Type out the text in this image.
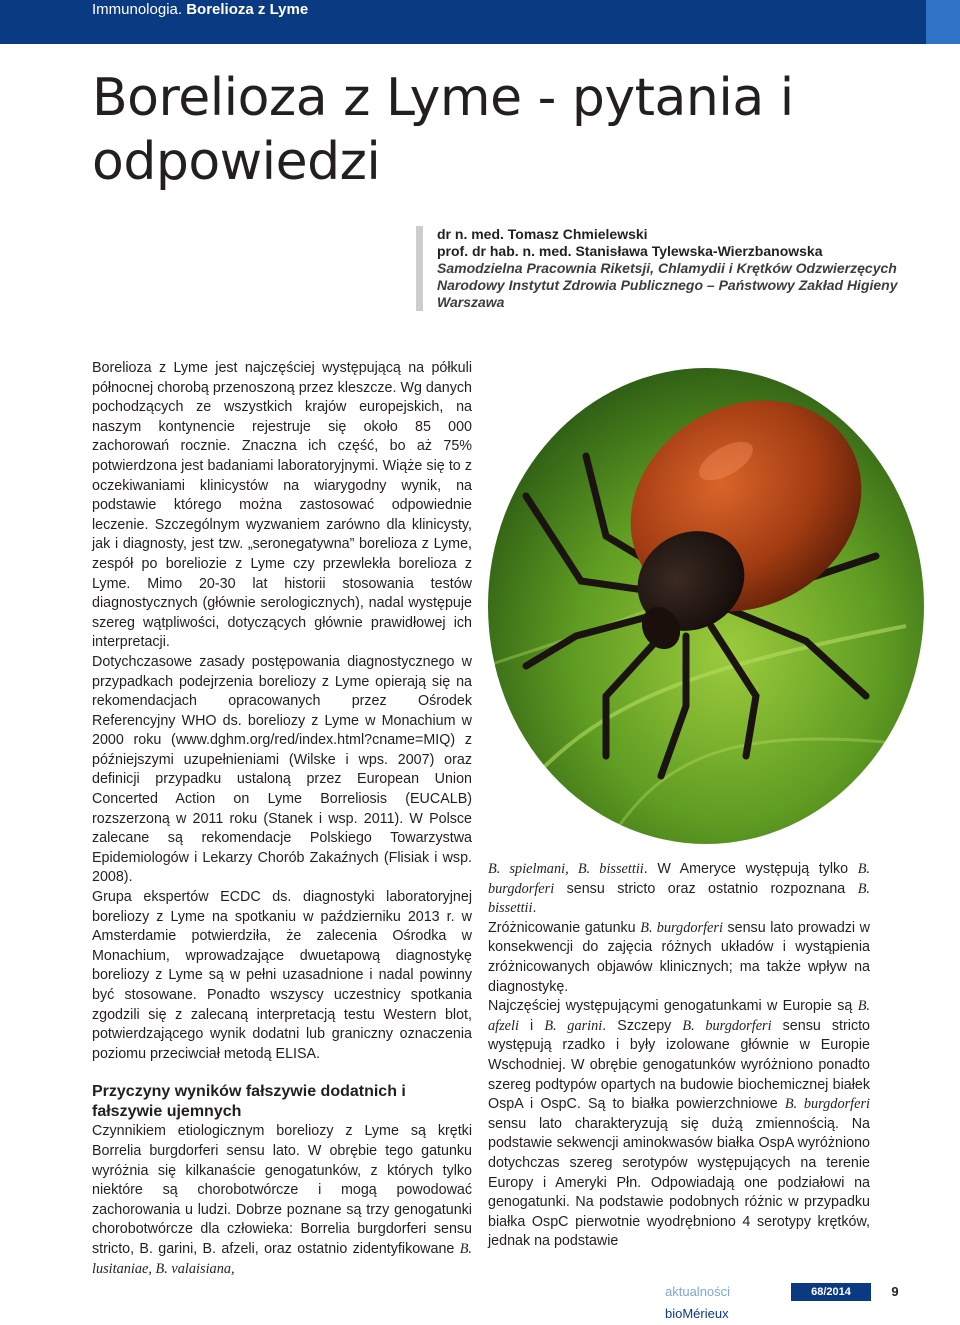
Immunologia. Borelioza z Lyme
Borelioza z Lyme - pytania i odpowiedzi
dr n. med. Tomasz Chmielewski
prof. dr hab. n. med. Stanisława Tylewska-Wierzbanowska
Samodzielna Pracownia Riketsji, Chlamydii i Krętków Odzwierzęcych
Narodowy Instytut Zdrowia Publicznego – Państwowy Zakład Higieny
Warszawa

Borelioza z Lyme jest najczęściej występującą na półkuli północnej chorobą przenoszoną przez kleszcze. Wg danych pochodzących ze wszystkich krajów europejskich, na naszym kontynencie rejestruje się około 85 000 zachorowań rocznie. Znaczna ich część, bo aż 75% potwierdzona jest badaniami laboratoryjnymi. Wiąże się to z oczekiwaniami klinicystów na wiarygodny wynik, na podstawie którego można zastosować odpowiednie leczenie. Szczególnym wyzwaniem zarówno dla klinicysty, jak i diagnosty, jest tzw. „seronegatywna” borelioza z Lyme, zespół po boreliozie z Lyme czy przewlekła borelioza z Lyme. Mimo 20-30 lat historii stosowania testów diagnostycznych (głównie serologicznych), nadal występuje szereg wątpliwości, dotyczących głównie prawidłowej ich interpretacji.

Dotychczasowe zasady postępowania diagnostycznego w przypadkach podejrzenia boreliozy z Lyme opierają się na rekomendacjach opracowanych przez Ośrodek Referencyjny WHO ds. boreliozy z Lyme w Monachium w 2000 roku (www.dghm.org/red/index.html?cname=MIQ) z późniejszymi uzupełnieniami (Wilske i wps. 2007) oraz definicji przypadku ustaloną przez European Union Concerted Action on Lyme Borreliosis (EUCALB) rozszerzoną w 2011 roku (Stanek i wsp. 2011). W Polsce zalecane są rekomendacje Polskiego Towarzystwa Epidemiologów i Lekarzy Chorób Zakaźnych (Flisiak i wsp. 2008).

Grupa ekspertów ECDC ds. diagnostyki laboratoryjnej boreliozy z Lyme na spotkaniu w październiku 2013 r. w Amsterdamie potwierdziła, że zalecenia Ośrodka w Monachium, wprowadzające dwuetapową diagnostykę boreliozy z Lyme są w pełni uzasadnione i nadal powinny być stosowane. Ponadto wszyscy uczestnicy spotkania zgodzili się z zalecaną interpretacją testu Western blot, potwierdzającego wynik dodatni lub graniczny oznaczenia poziomu przeciwciał metodą ELISA.

Przyczyny wyników fałszywie dodatnich i fałszywie ujemnych

Czynnikiem etiologicznym boreliozy z Lyme są krętki Borrelia burgdorferi sensu lato. W obrębie tego gatunku wyróżnia się kilkanaście genogatunków, z których tylko niektóre są chorobotwórcze i mogą powodować zachorowania u ludzi. Dobrze poznane są trzy genogatunki chorobotwórcze dla człowieka: Borrelia burgdorferi sensu stricto, B. garini, B. afzeli, oraz ostatnio zidentyfikowane B. lusitaniae, B. valaisiana,

B. spielmani, B. bissettii. W Ameryce występują tylko B. burgdorferi sensu stricto oraz ostatnio rozpoznana B. bissettii.

Zróżnicowanie gatunku B. burgdorferi sensu lato prowadzi w konsekwencji do zajęcia różnych układów i wystąpienia zróżnicowanych objawów klinicznych; ma także wpływ na diagnostykę.

Najczęściej występującymi genogatunkami w Europie są B. afzeli i B. garini. Szczepy B. burgdorferi sensu stricto występują rzadko i były izolowane głównie w Europie Wschodniej. W obrębie genogatunków wyróżniono ponadto szereg podtypów opartych na budowie biochemicznej białek OspA i OspC. Są to białka powierzchniowe B. burgdorferi sensu lato charakteryzują się dużą zmiennością. Na podstawie sekwencji aminokwasów białka OspA wyróżniono dotychczas szereg serotypów występujących na terenie Europy i Ameryki Płn. Odpowiadają one podziałowi na genogatunki. Na podstawie podobnych różnic w przypadku białka OspC pierwotnie wyodrębniono 4 serotypy krętków, jednak na podstawie

aktualności bioMérieux
68/2014	9
